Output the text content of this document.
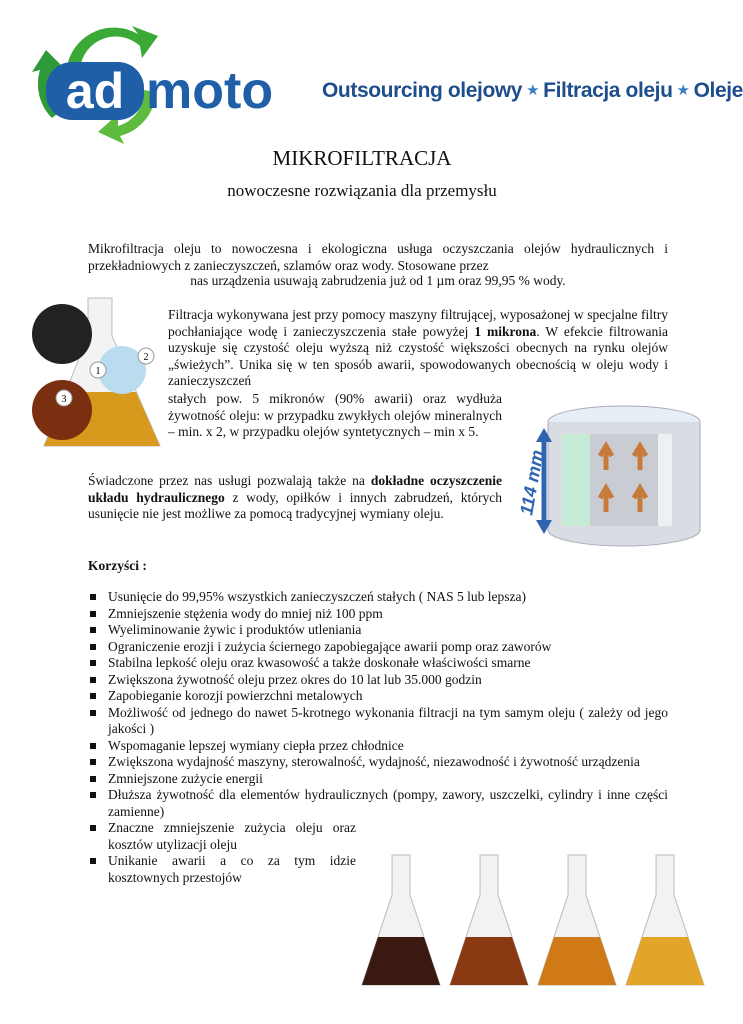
ad moto Outsourcing olejowy ★ Filtracja oleju ★ Oleje
MIKROFILTRACJA
nowoczesne rozwiązania dla przemysłu
Mikrofiltracja oleju to nowoczesna i ekologiczna usługa oczyszczania olejów hydraulicznych i przekładniowych z zanieczyszczeń, szlamów oraz wody. Stosowane przez
nas urządzenia usuwają zabrudzenia już od 1 µm oraz 99,95 % wody.
1
2
3
Filtracja wykonywana jest przy pomocy maszyny filtrującej, wyposażonej w specjalne filtry pochłaniające wodę i zanieczyszczenia stałe powyżej 1 mikrona. W efekcie filtrowania uzyskuje się czystość oleju wyższą niż czystość większości obecnych na rynku olejów „świeżych”. Unika się w ten sposób awarii, spowodowanych obecnością w oleju wody i zanieczyszczeń
stałych pow. 5 mikronów (90% awarii) oraz wydłuża żywotność oleju: w przypadku zwykłych olejów mineralnych – min. x 2, w przypadku olejów syntetycznych – min x 5.
114 mm
Świadczone przez nas usługi pozwalają także na dokładne oczyszczenie układu hydraulicznego z wody, opiłków i innych zabrudzeń, których usunięcie nie jest możliwe za pomocą tradycyjnej wymiany oleju.
Korzyści :
Usunięcie do 99,95% wszystkich zanieczyszczeń stałych ( NAS 5 lub lepsza)
Zmniejszenie stężenia wody do mniej niż 100 ppm
Wyeliminowanie żywic i produktów utleniania
Ograniczenie erozji i zużycia ściernego zapobiegające awarii pomp oraz zaworów
Stabilna lepkość oleju oraz kwasowość a także doskonałe właściwości smarne
Zwiększona żywotność oleju przez okres do 10 lat lub 35.000 godzin
Zapobieganie korozji powierzchni metalowych
Możliwość od jednego do nawet 5-krotnego wykonania filtracji na tym samym oleju ( zależy od jego jakości )
Wspomaganie lepszej wymiany ciepła przez chłodnice
Zwiększona wydajność maszyny, sterowalność, wydajność, niezawodność i żywotność urządzenia
Zmniejszone zużycie energii
Dłuższa żywotność dla elementów hydraulicznych (pompy, zawory, uszczelki, cylindry i inne części zamienne)
Znaczne zmniejszenie zużycia oleju oraz kosztów utylizacji oleju
Unikanie awarii a co za tym idzie kosztownych przestojów
